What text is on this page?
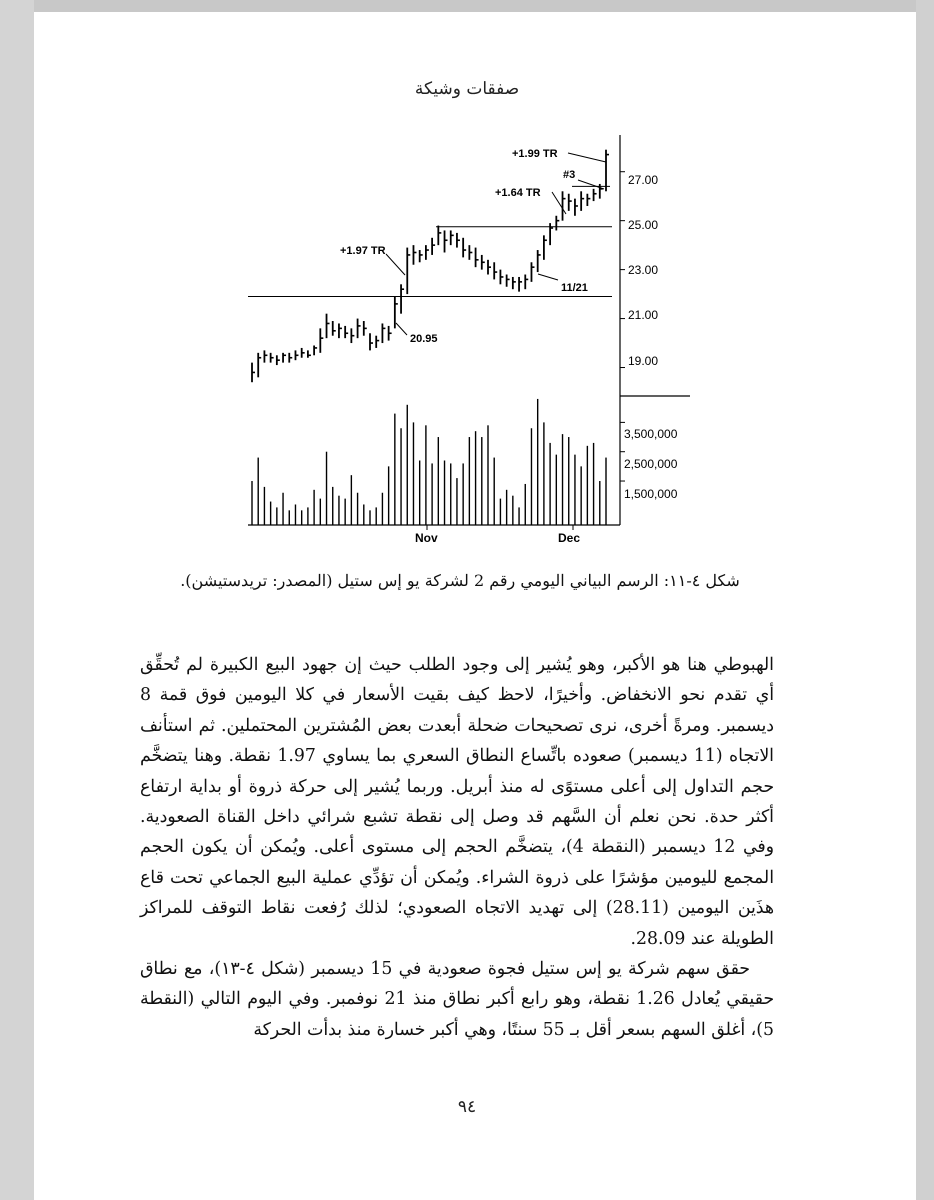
صفقات وشيكة
27.00
25.00
23.00
21.00
19.00
3,500,000
2,500,000
1,500,000
Nov	Dec
+1.99 TR
#3
+1.64 TR
+1.97 TR
11/21
20.95
شكل ٤-١١: الرسم البياني اليومي رقم 2 لشركة يو إس ستيل (المصدر: تريدستيشن).

الهبوطي هنا هو الأكبر، وهو يُشير إلى وجود الطلب حيث إن جهود البيع الكبيرة لم تُحقِّق أي تقدم نحو الانخفاض. وأخيرًا، لاحظ كيف بقيت الأسعار في كلا اليومين فوق قمة 8 ديسمبر. ومرةً أخرى، نرى تصحيحات ضحلة أبعدت بعض المُشترين المحتملين. ثم استأنف الاتجاه (11 ديسمبر) صعوده باتِّساع النطاق السعري بما يساوي 1.97 نقطة. وهنا يتضخَّم حجم التداول إلى أعلى مستوًى له منذ أبريل. وربما يُشير إلى حركة ذروة أو بداية ارتفاع أكثر حدة. نحن نعلم أن السَّهم قد وصل إلى نقطة تشبع شرائي داخل القناة الصعودية. وفي 12 ديسمبر (النقطة 4)، يتضخَّم الحجم إلى مستوى أعلى. ويُمكن أن يكون الحجم المجمع لليومين مؤشرًا على ذروة الشراء. ويُمكن أن تؤدِّي عملية البيع الجماعي تحت قاع هذَين اليومين (28.11) إلى تهديد الاتجاه الصعودي؛ لذلك رُفعت نقاط التوقف للمراكز الطويلة عند 28.09.

حقق سهم شركة يو إس ستيل فجوة صعودية في 15 ديسمبر (شكل ٤-١٣)، مع نطاق حقيقي يُعادل 1.26 نقطة، وهو رابع أكبر نطاق منذ 21 نوفمبر. وفي اليوم التالي (النقطة 5)، أغلق السهم بسعر أقل بـ 55 سنتًا، وهي أكبر خسارة منذ بدأت الحركة

٩٤
